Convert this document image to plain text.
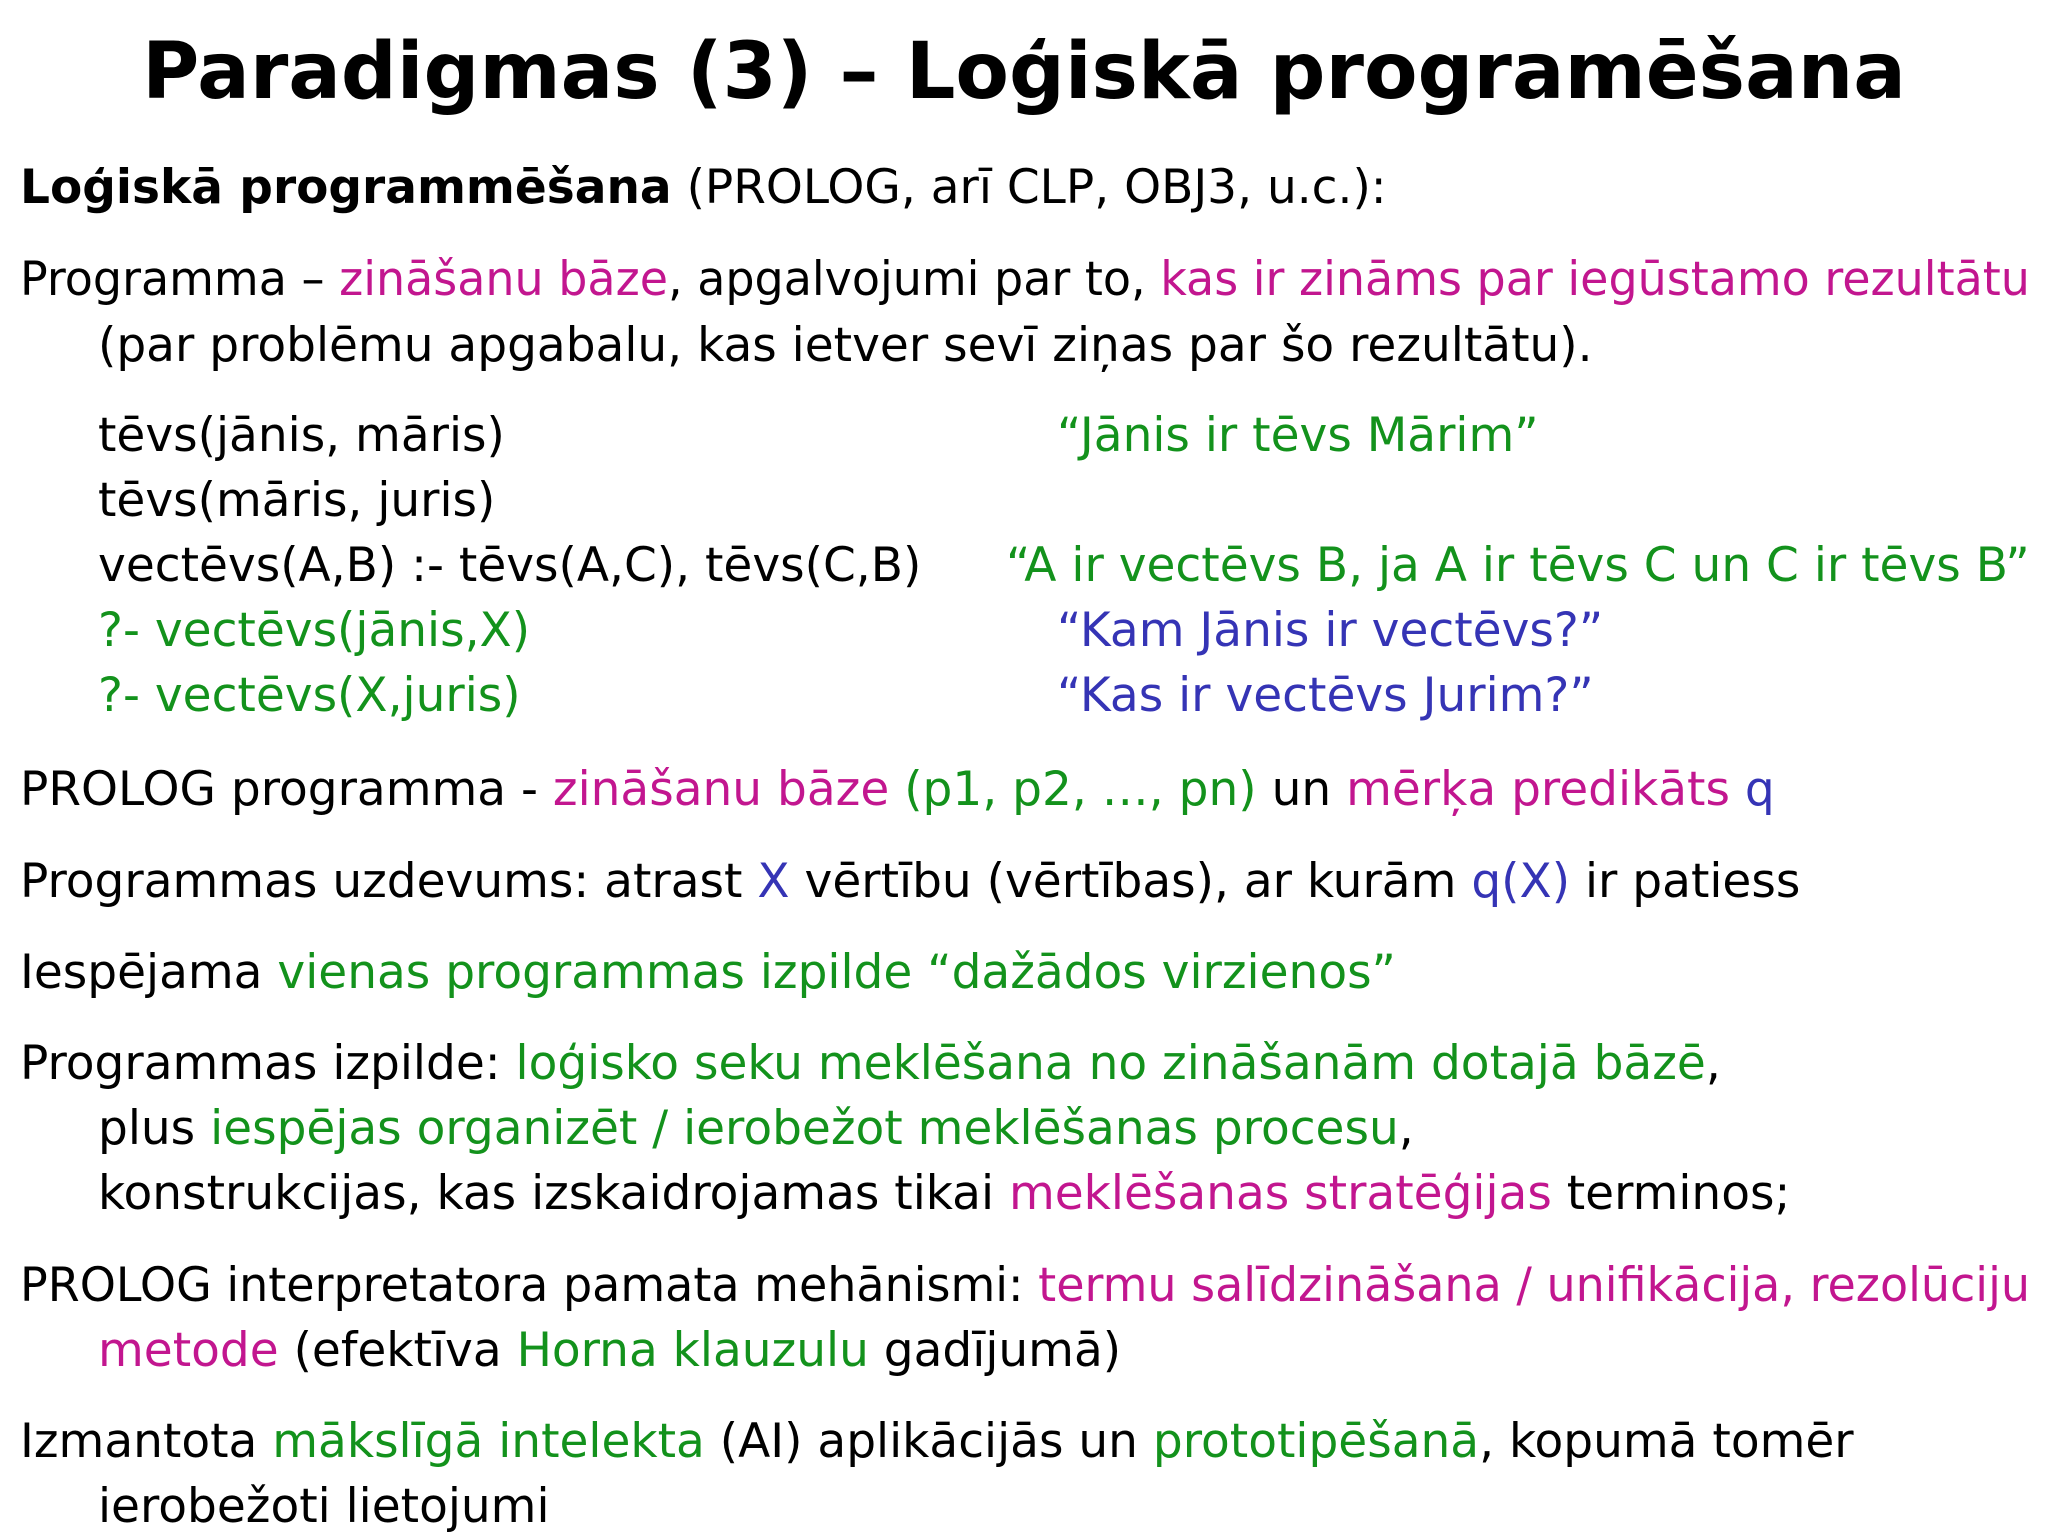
Paradigmas (3) – Loģiskā programēšana
Loģiskā programmēšana (PROLOG, arī CLP, OBJ3, u.c.):
Programma – zināšanu bāze, apgalvojumi par to, kas ir zināms par iegūstamo rezultātu
(par problēmu apgabalu, kas ietver sevī ziņas par šo rezultātu).
tēvs(jānis, māris)	“Jānis ir tēvs Mārim”
tēvs(māris, juris)
vectēvs(A,B) :- tēvs(A,C), tēvs(C,B) “A ir vectēvs B, ja A ir tēvs C un C ir tēvs B”
?- vectēvs(jānis,X)	“Kam Jānis ir vectēvs?”
?- vectēvs(X,juris)	“Kas ir vectēvs Jurim?”
PROLOG programma - zināšanu bāze (p1, p2, …, pn) un mērķa predikāts q
Programmas uzdevums: atrast X vērtību (vērtības), ar kurām q(X) ir patiess
Iespējama vienas programmas izpilde “dažādos virzienos”
Programmas izpilde: loģisko seku meklēšana no zināšanām dotajā bāzē,
plus iespējas organizēt / ierobežot meklēšanas procesu,
konstrukcijas, kas izskaidrojamas tikai meklēšanas stratēģijas terminos;
PROLOG interpretatora pamata mehānismi: termu salīdzināšana / unifikācija, rezolūciju
metode (efektīva Horna klauzulu gadījumā)
Izmantota mākslīgā intelekta (AI) aplikācijās un prototipēšanā, kopumā tomēr
ierobežoti lietojumi
